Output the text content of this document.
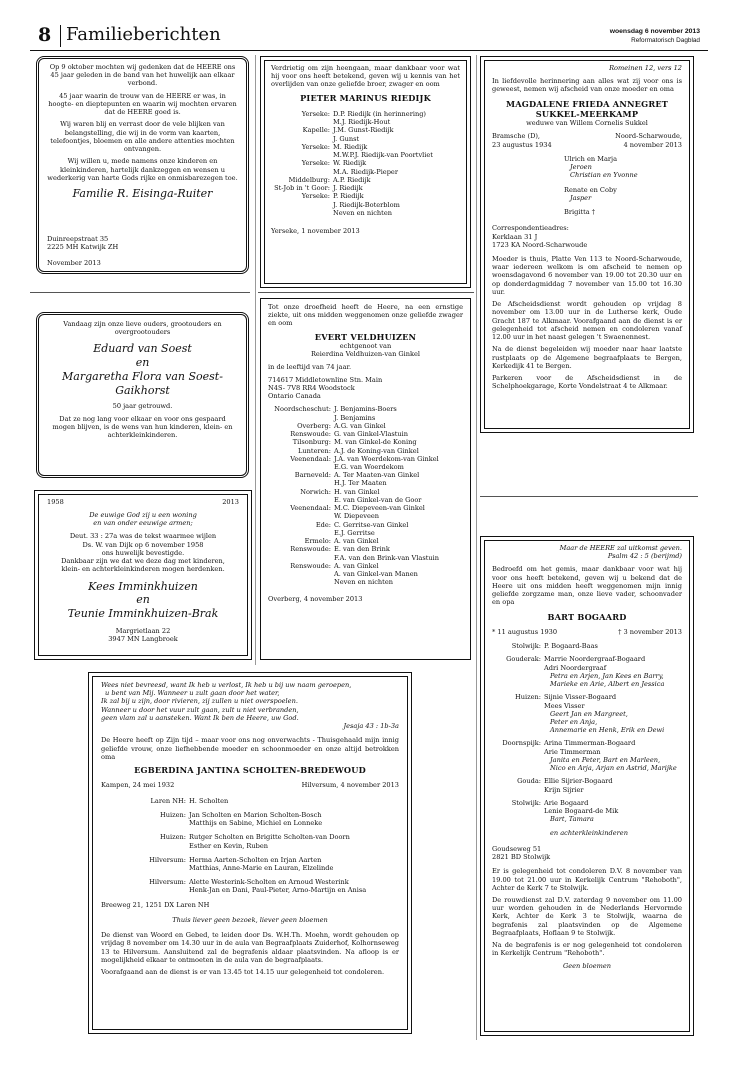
8 Familieberichten	woensdag 6 november 2013
Reformatorisch Dagblad

Op 9 oktober mochten wij gedenken dat de HEERE ons 45 jaar geleden in de band van het huwelijk aan elkaar verbond.

45 jaar waarin de trouw van de HEERE er was, in hoogte- en dieptepunten en waarin wij mochten ervaren dat de HEERE goed is.

Wij waren blij en verrast door de vele blijken van belangstelling, die wij in de vorm van kaarten, telefoontjes, bloemen en alle andere attenties mochten ontvangen.

Wij willen u, mede namens onze kinderen en kleinkinderen, hartelijk dankzeggen en wensen u wederkerig van harte Gods rijke en onmisbarezegen toe.

Familie R. Eisinga-Ruiter

Duinreepstraat 35
2225 MH Katwijk ZH
November 2013

Vandaag zijn onze lieve ouders, grootouders en overgrootouders

Eduard van Soest
en
Margaretha Flora van Soest-Gaikhorst

50 jaar getrouwd.

Dat ze nog lang voor elkaar en voor ons gespaard mogen blijven, is de wens van hun kinderen, klein- en achterkleinkinderen.

1958	2013
De euwige God zij u een woning
en van onder eeuwige armen;
Deut. 33 : 27a was de tekst waarmee wijlen
Ds. W. van Dijk op 6 november 1958
ons huwelijk bevestigde.
Dankbaar zijn we dat we deze dag met kinderen,
klein- en achterkleinkinderen mogen herdenken.
Kees Imminkhuizen
en
Teunie Imminkhuizen-Brak
Margrietlaan 22
3947 MN Langbroek

Verdrietig om zijn heengaan, maar dankbaar voor wat hij voor ons heeft betekend, geven wij u kennis van het overlijden van onze geliefde broer, zwager en oom

PIETER MARINUS RIEDIJK
Yerseke: D.P. Riedijk (in herinnering)
M.J. Riedijk-Hout
Kapelle: J.M. Gunst-Riedijk
J. Gunst
Yerseke: M. Riedijk
M.W.P.J. Riedijk-van Poortvliet
Yerseke: W. Riedijk
M.A. Riedijk-Pieper
Middelburg: A.P. Riedijk
St-Job in 't Goor: J. Riedijk
Yerseke: P. Riedijk
J. Riedijk-Boterblom
Neven en nichten
Yerseke, 1 november 2013

Tot onze droefheid heeft de Heere, na een ernstige ziekte, uit ons midden weggenomen onze geliefde zwager en oom

EVERT VELDHUIZEN
echtgenoot van
Reierdina Veldhuizen-van Ginkel

in de leeftijd van 74 jaar.

714617 Middletownline Stn. Main
N4S- 7V8 RR4 Woodstock
Ontario Canada
Noordscheschut: J. Benjamins-Boers
J. Benjamins
Overberg: A.G. van Ginkel
Renswoude: G. van Ginkel-Vlastuin
Tilsonburg: M. van Ginkel-de Koning
Lunteren: A.J. de Koning-van Ginkel
Veenendaal: J.A. van Woerdekom-van Ginkel
E.G. van Woerdekom
Barneveld: A. Ter Maaten-van Ginkel
H.J. Ter Maaten
Norwich: H. van Ginkel
E. van Ginkel-van de Goor
Veenendaal: M.C. Diepeveen-van Ginkel
W. Diepeveen
Ede: C. Gerritse-van Ginkel
E.J. Gerritse
Ermelo: A. van Ginkel
Renswoude: E. van den Brink
F.A. van den Brink-van Vlastuin
Renswoude: A. van Ginkel
A. van Ginkel-van Manen
Neven en nichten
Overberg, 4 november 2013
Romeinen 12, vers 12

In liefdevolle herinnering aan alles wat zij voor ons is geweest, nemen wij afscheid van onze moeder en oma

MAGDALENE FRIEDA ANNEGRET
SUKKEL-MEERKAMP
weduwe van Willem Cornelis Sukkel
Bramsche (D),
23 augustus 1934
Noord-Scharwoude,
4 november 2013
Ulrich en Marja
Jeroen
Christian en Yvonne
Renate en Coby
Jasper
Brigitta †
Correspondentieadres:
Kerklaan 31 J
1723 KA Noord-Scharwoude

Moeder is thuis, Platte Ven 113 te Noord-Scharwoude, waar iedereen welkom is om afscheid te nemen op woensdagavond 6 november van 19.00 tot 20.30 uur en op donderdagmiddag 7 november van 15.00 tot 16.30 uur.

De Afscheidsdienst wordt gehouden op vrijdag 8 november om 13.00 uur in de Lutherse kerk, Oude Gracht 187 te Alkmaar. Voorafgaand aan de dienst is er gelegenheid tot afscheid nemen en condoleren vanaf 12.00 uur in het naast gelegen 't Swaenennest.

Na de dienst begeleiden wij moeder naar haar laatste rustplaats op de Algemene begraafplaats te Bergen, Kerkedijk 41 te Bergen.

Parkeren voor de Afscheidsdienst in de Schelphoekgarage, Korte Vondelstraat 4 te Alkmaar.

Maar de HEERE zal uitkomst geven.
Psalm 42 : 5 (berijmd)

Bedroefd om het gemis, maar dankbaar voor wat hij voor ons heeft betekend, geven wij u bekend dat de Heere uit ons midden heeft weggenomen mijn innig geliefde zorgzame man, onze lieve vader, schoonvader en opa

BART BOGAARD
* 11 augustus 1930	† 3 november 2013
Stolwijk: P. Bogaard-Baas
Gouderak: Marrie Noordergraaf-Bogaard
Adri Noordergraaf
Petra en Arjen, Jan Kees en Barry,
Marieke en Arie, Albert en Jessica
Huizen: Sijnie Visser-Bogaard
Mees Visser
Geert Jan en Margreet,
Peter en Anja,
Annemarie en Henk, Erik en Dewi
Doornspijk: Arina Timmerman-Bogaard
Arie Timmerman
Janita en Peter, Bart en Marleen,
Nico en Arja, Arjan en Astrid, Marijke
Gouda: Ellie Sijrier-Bogaard
Krijn Sijrier
Stolwijk: Arie Bogaard
Lenie Bogaard-de Mik
Bart, Tamara
en achterkleinkinderen
Goudseweg 51
2821 BD Stolwijk

Er is gelegenheid tot condoleren D.V. 8 november van 19.00 tot 21.00 uur in Kerkelijk Centrum "Rehoboth", Achter de Kerk 7 te Stolwijk.

De rouwdienst zal D.V. zaterdag 9 november om 11.00 uur worden gehouden in de Nederlands Hervormde Kerk, Achter de Kerk 3 te Stolwijk, waarna de begrafenis zal plaatsvinden op de Algemene Begraafplaats, Hoflaan 9 te Stolwijk.

Na de begrafenis is er nog gelegenheid tot condoleren in Kerkelijk Centrum "Rehoboth".

Geen bloemen
Wees niet bevreesd, want Ik heb u verlost, Ik heb u bij uw naam geroepen,
u bent van Mij. Wanneer u zult gaan door het water,
Ik zal bij u zijn, door rivieren, zij zullen u niet overspoelen.
Wanneer u door het vuur zult gaan, zult u niet verbranden,
geen vlam zal u aansteken. Want Ik ben de Heere, uw God.
Jesaja 43 : 1b-3a

De Heere heeft op Zijn tijd – maar voor ons nog onverwachts - Thuisgehaald mijn innig geliefde vrouw, onze liefhebbende moeder en schoonmoeder en onze altijd betrokken oma

EGBERDINA JANTINA SCHOLTEN-BREDEWOUD
Kampen, 24 mei 1932	Hilversum, 4 november 2013
Laren NH: H. Scholten
Huizen: Jan Scholten en Marion Scholten-Bosch
Matthijs en Sabine, Michiel en Lonneke
Huizen: Rutger Scholten en Brigitte Scholten-van Doorn
Esther en Kevin, Ruben
Hilversum: Herma Aarten-Scholten en Irjan Aarten
Matthias, Anne-Marie en Lauran, Elzelinde
Hilversum: Alette Westerink-Scholten en Arnoud Westerink
Henk-Jan en Dani, Paul-Pieter, Arno-Martijn en Anisa
Breeweg 21, 1251 DX Laren NH
Thuis liever geen bezoek, liever geen bloemen

De dienst van Woord en Gebed, te leiden door Ds. W.H.Th. Moehn, wordt gehouden op vrijdag 8 november om 14.30 uur in de aula van Begraafplaats Zuiderhof, Kolhornseweg 13 te Hilversum. Aansluitend zal de begrafenis aldaar plaatsvinden. Na afloop is er mogelijkheid elkaar te ontmoeten in de aula van de begraafplaats.

Voorafgaand aan de dienst is er van 13.45 tot 14.15 uur gelegenheid tot condoleren.
